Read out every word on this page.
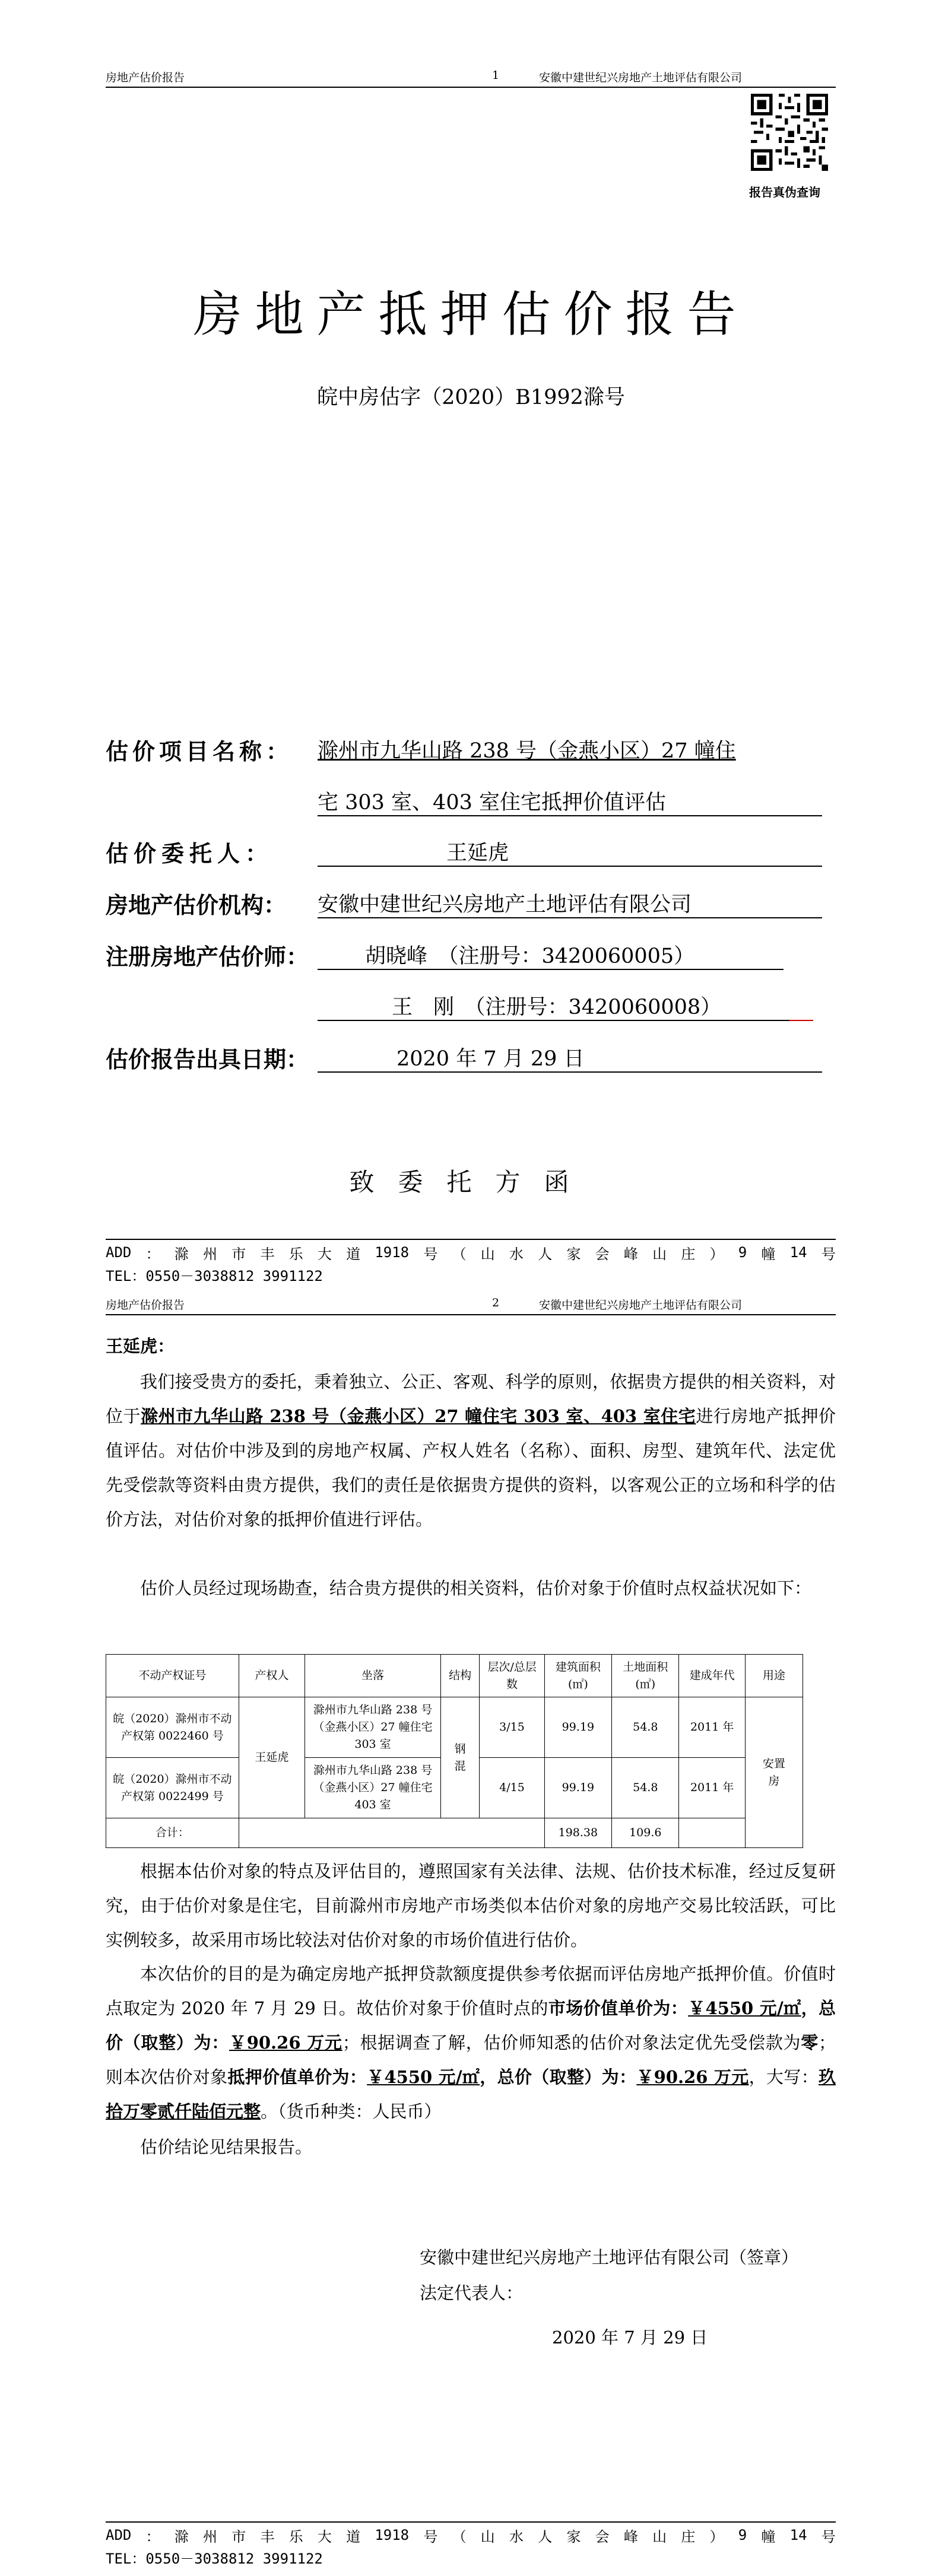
房地产估价报告	1	安徽中建世纪兴房地产土地评估有限公司
报告真伪查询
房地产抵押估价报告
皖中房估字（2020）B1992滁号
估价项目名称： 滁州市九华山路 238 号（金燕小区）27 幢住
宅 303 室、403 室住宅抵押价值评估
估价委托人：	王延虎
房地产估价机构： 安徽中建世纪兴房地产土地评估有限公司
注册房地产估价师：	胡晓峰　（注册号：3420060005）
王　刚　（注册号：3420060008）
估价报告出具日期：	2020 年 7 月 29 日
致委托方函
ADD ： 滁 州 市 丰 乐 大 道 1918 号 （ 山 水 人 家 会 峰 山 庄 ） 9 幢 14 号
TEL：0550－3038812 3991122
房地产估价报告	2	安徽中建世纪兴房地产土地评估有限公司
王延虎：
我们接受贵方的委托，秉着独立、公正、客观、科学的原则，依据贵方提供的相关资料，对位于滁州市九华山路 238 号（金燕小区）27 幢住宅 303 室、403 室住宅进行房地产抵押价值评估。对估价中涉及到的房地产权属、产权人姓名（名称）、面积、房型、建筑年代、法定优先受偿款等资料由贵方提供，我们的责任是依据贵方提供的资料，以客观公正的立场和科学的估价方法，对估价对象的抵押价值进行评估。
估价人员经过现场勘查，结合贵方提供的相关资料，估价对象于价值时点权益状况如下：
不动产权证号	产权人	坐落	结构	层次/总层数	建筑面积(㎡)	土地面积(㎡)	建成年代	用途
皖（2020）滁州市不动产权第 0022460 号	王延虎	滁州市九华山路 238 号（金燕小区）27 幢住宅 303 室	钢混	3/15	99.19	54.8	2011 年	安置房
皖（2020）滁州市不动产权第 0022499 号		滁州市九华山路 238 号（金燕小区）27 幢住宅 403 室		4/15	99.19	54.8	2011 年	
合计：					198.38	109.6		
根据本估价对象的特点及评估目的，遵照国家有关法律、法规、估价技术标准，经过反复研究，由于估价对象是住宅，目前滁州市房地产市场类似本估价对象的房地产交易比较活跃，可比实例较多，故采用市场比较法对估价对象的市场价值进行估价。
本次估价的目的是为确定房地产抵押贷款额度提供参考依据而评估房地产抵押价值。价值时点取定为 2020 年 7 月 29 日。故估价对象于价值时点的市场价值单价为：￥4550 元/㎡，总价（取整）为：￥90.26 万元；根据调查了解，估价师知悉的估价对象法定优先受偿款为零；则本次估价对象抵押价值单价为：￥4550 元/㎡，总价（取整）为：￥90.26 万元，大写：玖拾万零贰仟陆佰元整。（货币种类：人民币）
估价结论见结果报告。
安徽中建世纪兴房地产土地评估有限公司（签章）
法定代表人：
2020 年 7 月 29 日
ADD ： 滁 州 市 丰 乐 大 道 1918 号 （ 山 水 人 家 会 峰 山 庄 ） 9 幢 14 号
TEL：0550－3038812 3991122
